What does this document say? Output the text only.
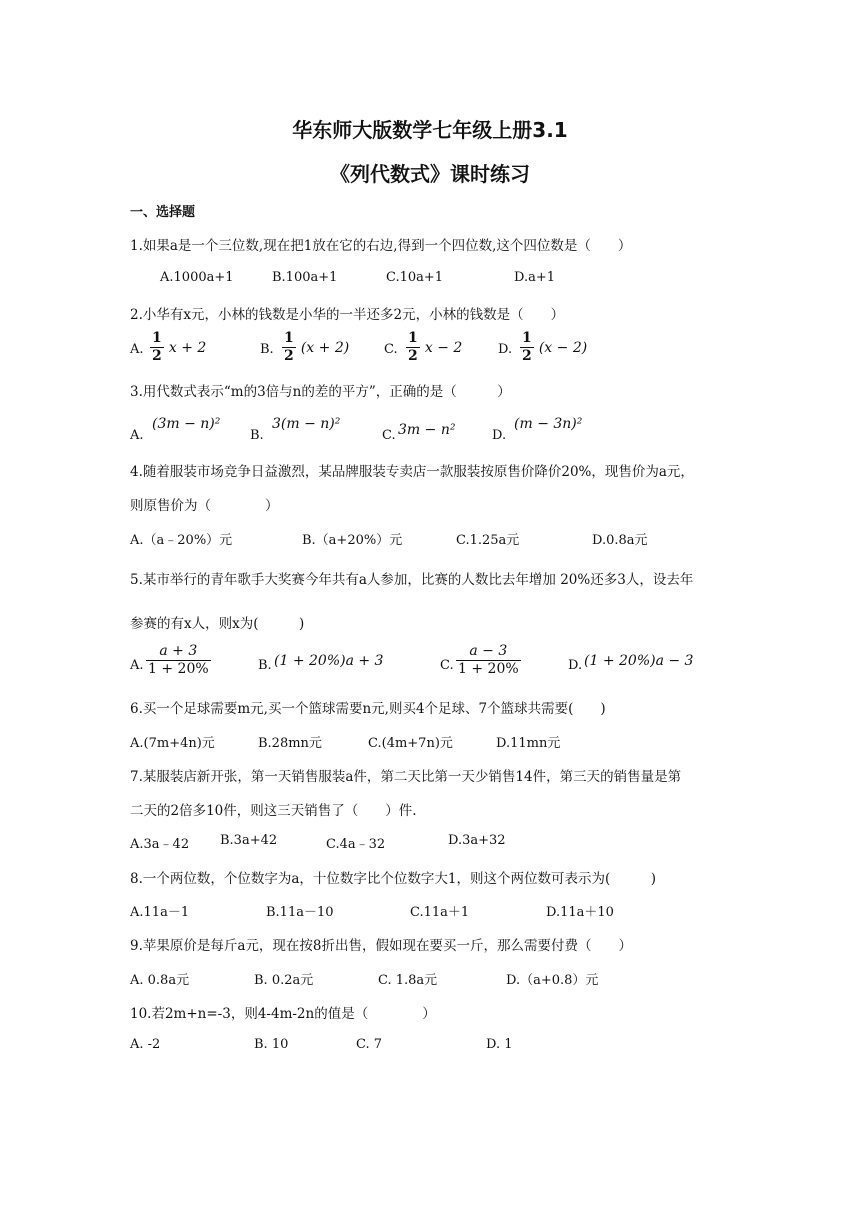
华东师大版数学七年级上册3.1
《列代数式》课时练习
一、选择题
1.如果a是一个三位数,现在把1放在它的右边,得到一个四位数,这个四位数是（　　）
A.1000a+1	B.100a+1	C.10a+1	D.a+1
2.小华有x元，小林的钱数是小华的一半还多2元，小林的钱数是（　　）
A. $\frac{1}{2}$ x + 2	B. $\frac{1}{2} (x + 2)$	C. $\frac{1}{2}$ x − 2	D. $\frac{1}{2} (x - 2)$
3.用代数式表示“m的3倍与n的差的平方”，正确的是（　　　）
A.
(3m − n)²
B.
3(m − n)²
C. 3m − n²	D.
(m − 3n)²
4.随着服装市场竞争日益激烈，某品牌服装专卖店一款服装按原售价降价20%，现售价为a元，
则原售价为（　　　　）
A.（a﹣20%）元	B.（a+20%）元	C.1.25a元	D.0.8a元
5.某市举行的青年歌手大奖赛今年共有a人参加，比赛的人数比去年增加 20%还多3人，设去年
参赛的有x人，则x为(　　　)
A. $\frac{a + 3}{1 + 20\%}$	B. (1 + 20%)a + 3	C. $\frac{a - 3}{1 + 20\%}$	D. (1 + 20%)a − 3
6.买一个足球需要m元,买一个篮球需要n元,则买4个足球、7个篮球共需要(　　)
A.(7m+4n)元	B.28mn元	C.(4m+7n)元	D.11mn元
7.某服装店新开张，第一天销售服装a件，第二天比第一天少销售14件，第三天的销售量是第
二天的2倍多10件，则这三天销售了（　　）件.
A.3a﹣42 B.3a+42	C.4a﹣32	D.3a+32
8.一个两位数，个位数字为a，十位数字比个位数字大1，则这个两位数可表示为(　　　)
A.11a－1	B.11a－10	C.11a＋1	D.11a＋10
9.苹果原价是每斤a元，现在按8折出售，假如现在要买一斤，那么需要付费（　　）
A. 0.8a元	B. 0.2a元	C. 1.8a元	D.（a+0.8）元
10.若2m+n=-3，则4-4m-2n的值是（　　　　）
A. -2	B. 10	C. 7	D. 1
